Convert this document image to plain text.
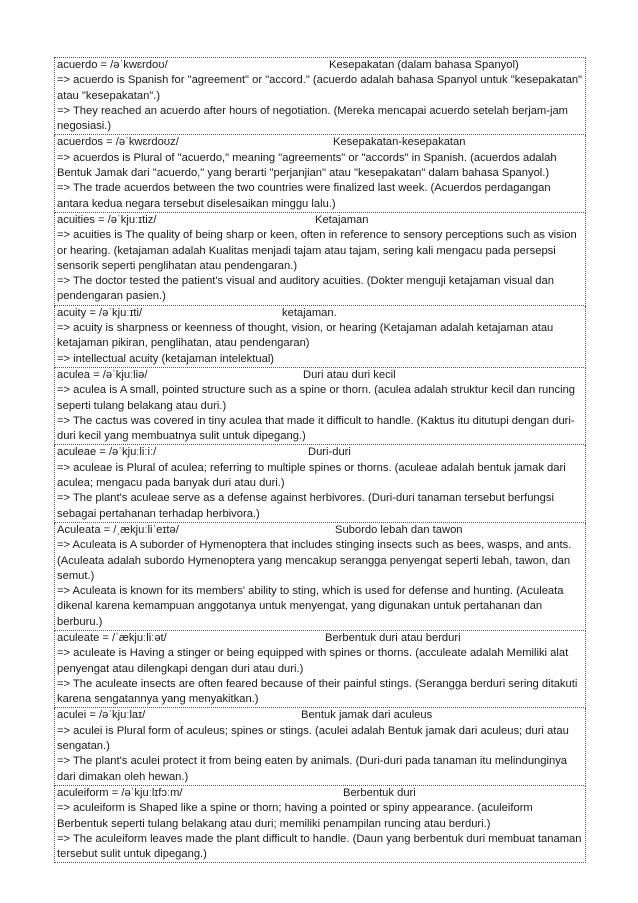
acuerdo = /əˈkwɛrdoʊ/	Kesepakatan (dalam bahasa Spanyol)

=> acuerdo is Spanish for "agreement" or "accord." (acuerdo adalah bahasa Spanyol untuk "kesepakatan" atau "kesepakatan".)

=> They reached an acuerdo after hours of negotiation. (Mereka mencapai acuerdo setelah berjam-jam negosiasi.)

acuerdos = /əˈkwɛrdoʊz/	Kesepakatan-kesepakatan

=> acuerdos is Plural of "acuerdo," meaning "agreements" or "accords" in Spanish. (acuerdos adalah Bentuk Jamak dari "acuerdo," yang berarti "perjanjian" atau "kesepakatan" dalam bahasa Spanyol.)

=> The trade acuerdos between the two countries were finalized last week. (Acuerdos perdagangan antara kedua negara tersebut diselesaikan minggu lalu.)

acuities = /əˈkjuːɪtiz/	Ketajaman

=> acuities is The quality of being sharp or keen, often in reference to sensory perceptions such as vision or hearing. (ketajaman adalah Kualitas menjadi tajam atau tajam, sering kali mengacu pada persepsi sensorik seperti penglihatan atau pendengaran.)

=> The doctor tested the patient's visual and auditory acuities. (Dokter menguji ketajaman visual dan pendengaran pasien.)

acuity = /əˈkjuːɪti/	ketajaman.

=> acuity is sharpness or keenness of thought, vision, or hearing (Ketajaman adalah ketajaman atau ketajaman pikiran, penglihatan, atau pendengaran)

=> intellectual acuity (ketajaman intelektual)

aculea = /əˈkjuːliə/	Duri atau duri kecil

=> aculea is A small, pointed structure such as a spine or thorn. (aculea adalah struktur kecil dan runcing seperti tulang belakang atau duri.)

=> The cactus was covered in tiny aculea that made it difficult to handle. (Kaktus itu ditutupi dengan duri-duri kecil yang membuatnya sulit untuk dipegang.)

aculeae = /əˈkjuːliːiː/	Duri-duri

=> aculeae is Plural of aculea; referring to multiple spines or thorns. (aculeae adalah bentuk jamak dari aculea; mengacu pada banyak duri atau duri.)

=> The plant's aculeae serve as a defense against herbivores. (Duri-duri tanaman tersebut berfungsi sebagai pertahanan terhadap herbivora.)

Aculeata = /ˌækjuːliˈeɪtə/	Subordo lebah dan tawon

=> Aculeata is A suborder of Hymenoptera that includes stinging insects such as bees, wasps, and ants. (Aculeata adalah subordo Hymenoptera yang mencakup serangga penyengat seperti lebah, tawon, dan semut.)

=> Aculeata is known for its members' ability to sting, which is used for defense and hunting. (Aculeata dikenal karena kemampuan anggotanya untuk menyengat, yang digunakan untuk pertahanan dan berburu.)

aculeate = /ˈækjuːliːət/	Berbentuk duri atau berduri

=> aculeate is Having a stinger or being equipped with spines or thorns. (acculeate adalah Memiliki alat penyengat atau dilengkapi dengan duri atau duri.)

=> The aculeate insects are often feared because of their painful stings. (Serangga berduri sering ditakuti karena sengatannya yang menyakitkan.)

aculei = /əˈkjuːlaɪ/	Bentuk jamak dari aculeus

=> aculei is Plural form of aculeus; spines or stings. (aculei adalah Bentuk jamak dari aculeus; duri atau sengatan.)

=> The plant's aculei protect it from being eaten by animals. (Duri-duri pada tanaman itu melindunginya dari dimakan oleh hewan.)

aculeiform = /əˈkjuːlɪfɔːm/	Berbentuk duri

=> aculeiform is Shaped like a spine or thorn; having a pointed or spiny appearance. (aculeiform Berbentuk seperti tulang belakang atau duri; memiliki penampilan runcing atau berduri.)

=> The aculeiform leaves made the plant difficult to handle. (Daun yang berbentuk duri membuat tanaman tersebut sulit untuk dipegang.)
